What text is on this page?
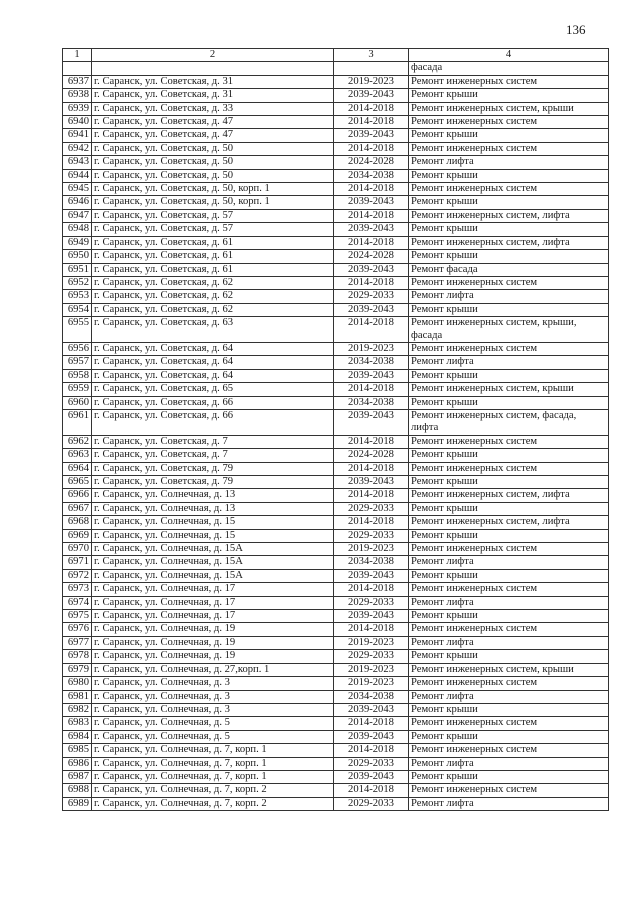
136
1	2	3	4
			фасада
6937	г. Саранск, ул. Советская, д. 31	2019-2023	Ремонт инженерных систем
6938	г. Саранск, ул. Советская, д. 31	2039-2043	Ремонт крыши
6939	г. Саранск, ул. Советская, д. 33	2014-2018	Ремонт инженерных систем, крыши
6940	г. Саранск, ул. Советская, д. 47	2014-2018	Ремонт инженерных систем
6941	г. Саранск, ул. Советская, д. 47	2039-2043	Ремонт крыши
6942	г. Саранск, ул. Советская, д. 50	2014-2018	Ремонт инженерных систем
6943	г. Саранск, ул. Советская, д. 50	2024-2028	Ремонт лифта
6944	г. Саранск, ул. Советская, д. 50	2034-2038	Ремонт крыши
6945	г. Саранск, ул. Советская, д. 50, корп. 1	2014-2018	Ремонт инженерных систем
6946	г. Саранск, ул. Советская, д. 50, корп. 1	2039-2043	Ремонт крыши
6947	г. Саранск, ул. Советская, д. 57	2014-2018	Ремонт инженерных систем, лифта
6948	г. Саранск, ул. Советская, д. 57	2039-2043	Ремонт крыши
6949	г. Саранск, ул. Советская, д. 61	2014-2018	Ремонт инженерных систем, лифта
6950	г. Саранск, ул. Советская, д. 61	2024-2028	Ремонт крыши
6951	г. Саранск, ул. Советская, д. 61	2039-2043	Ремонт фасада
6952	г. Саранск, ул. Советская, д. 62	2014-2018	Ремонт инженерных систем
6953	г. Саранск, ул. Советская, д. 62	2029-2033	Ремонт лифта
6954	г. Саранск, ул. Советская, д. 62	2039-2043	Ремонт крыши
6955	г. Саранск, ул. Советская, д. 63	2014-2018	Ремонт инженерных систем, крыши, фасада
6956	г. Саранск, ул. Советская, д. 64	2019-2023	Ремонт инженерных систем
6957	г. Саранск, ул. Советская, д. 64	2034-2038	Ремонт лифта
6958	г. Саранск, ул. Советская, д. 64	2039-2043	Ремонт крыши
6959	г. Саранск, ул. Советская, д. 65	2014-2018	Ремонт инженерных систем, крыши
6960	г. Саранск, ул. Советская, д. 66	2034-2038	Ремонт крыши
6961	г. Саранск, ул. Советская, д. 66	2039-2043	Ремонт инженерных систем, фасада, лифта
6962	г. Саранск, ул. Советская, д. 7	2014-2018	Ремонт инженерных систем
6963	г. Саранск, ул. Советская, д. 7	2024-2028	Ремонт крыши
6964	г. Саранск, ул. Советская, д. 79	2014-2018	Ремонт инженерных систем
6965	г. Саранск, ул. Советская, д. 79	2039-2043	Ремонт крыши
6966	г. Саранск, ул. Солнечная, д. 13	2014-2018	Ремонт инженерных систем, лифта
6967	г. Саранск, ул. Солнечная, д. 13	2029-2033	Ремонт крыши
6968	г. Саранск, ул. Солнечная, д. 15	2014-2018	Ремонт инженерных систем, лифта
6969	г. Саранск, ул. Солнечная, д. 15	2029-2033	Ремонт крыши
6970	г. Саранск, ул. Солнечная, д. 15А	2019-2023	Ремонт инженерных систем
6971	г. Саранск, ул. Солнечная, д. 15А	2034-2038	Ремонт лифта
6972	г. Саранск, ул. Солнечная, д. 15А	2039-2043	Ремонт крыши
6973	г. Саранск, ул. Солнечная, д. 17	2014-2018	Ремонт инженерных систем
6974	г. Саранск, ул. Солнечная, д. 17	2029-2033	Ремонт лифта
6975	г. Саранск, ул. Солнечная, д. 17	2039-2043	Ремонт крыши
6976	г. Саранск, ул. Солнечная, д. 19	2014-2018	Ремонт инженерных систем
6977	г. Саранск, ул. Солнечная, д. 19	2019-2023	Ремонт лифта
6978	г. Саранск, ул. Солнечная, д. 19	2029-2033	Ремонт крыши
6979	г. Саранск, ул. Солнечная, д. 27,корп. 1	2019-2023	Ремонт инженерных систем, крыши
6980	г. Саранск, ул. Солнечная, д. 3	2019-2023	Ремонт инженерных систем
6981	г. Саранск, ул. Солнечная, д. 3	2034-2038	Ремонт лифта
6982	г. Саранск, ул. Солнечная, д. 3	2039-2043	Ремонт крыши
6983	г. Саранск, ул. Солнечная, д. 5	2014-2018	Ремонт инженерных систем
6984	г. Саранск, ул. Солнечная, д. 5	2039-2043	Ремонт крыши
6985	г. Саранск, ул. Солнечная, д. 7, корп. 1	2014-2018	Ремонт инженерных систем
6986	г. Саранск, ул. Солнечная, д. 7, корп. 1	2029-2033	Ремонт лифта
6987	г. Саранск, ул. Солнечная, д. 7, корп. 1	2039-2043	Ремонт крыши
6988	г. Саранск, ул. Солнечная, д. 7, корп. 2	2014-2018	Ремонт инженерных систем
6989	г. Саранск, ул. Солнечная, д. 7, корп. 2	2029-2033	Ремонт лифта
